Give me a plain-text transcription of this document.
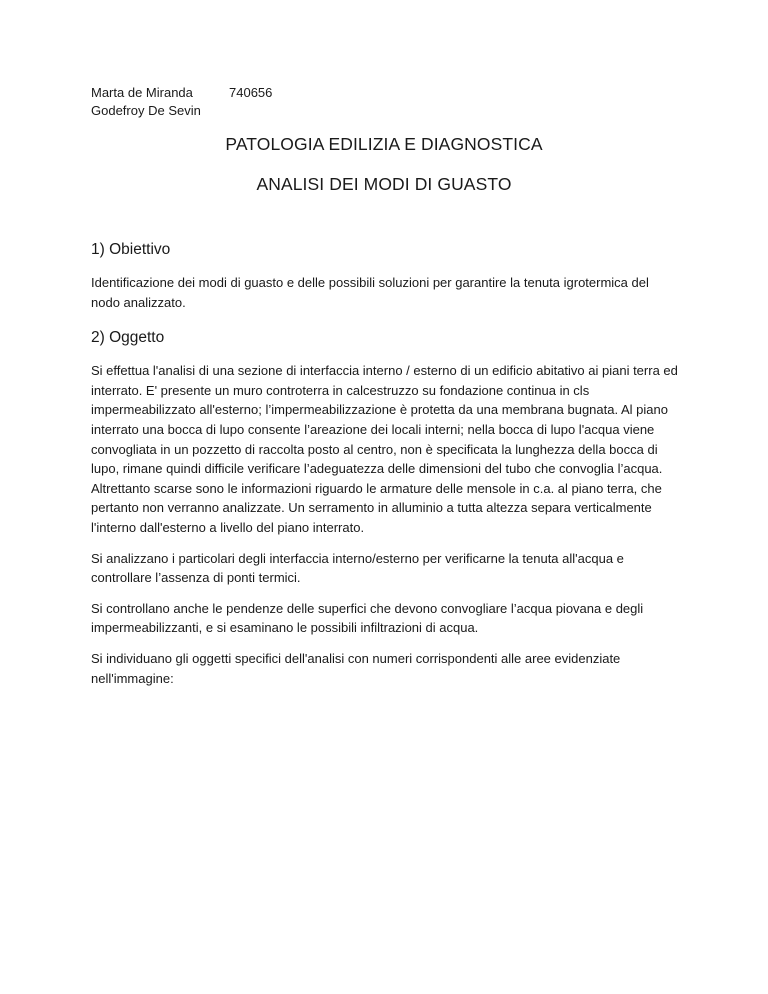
Marta de Miranda
Godefroy De Sevin
740656
PATOLOGIA EDILIZIA E DIAGNOSTICA
ANALISI DEI MODI DI GUASTO
1) Obiettivo

Identificazione dei modi di guasto e delle possibili soluzioni per garantire la tenuta igrotermica del nodo analizzato.

2) Oggetto

Si effettua l'analisi di una sezione di interfaccia interno / esterno di un edificio abitativo ai piani terra ed interrato. E' presente un muro controterra in calcestruzzo su fondazione continua in cls impermeabilizzato all'esterno; l’impermeabilizzazione è protetta da una membrana bugnata. Al piano interrato una bocca di lupo consente l’areazione dei locali interni; nella bocca di lupo l'acqua viene convogliata in un pozzetto di raccolta posto al centro, non è specificata la lunghezza della bocca di lupo, rimane quindi difficile verificare l’adeguatezza delle dimensioni del tubo che convoglia l’acqua. Altrettanto scarse sono le informazioni riguardo le armature delle mensole in c.a. al piano terra, che pertanto non verranno analizzate. Un serramento in alluminio a tutta altezza separa verticalmente l'interno dall'esterno a livello del piano interrato.

Si analizzano i particolari degli interfaccia interno/esterno per verificarne la tenuta all'acqua e controllare l’assenza di ponti termici.

Si controllano anche le pendenze delle superfici che devono convogliare l’acqua piovana e degli impermeabilizzanti, e si esaminano le possibili infiltrazioni di acqua.

Si individuano gli oggetti specifici dell'analisi con numeri corrispondenti alle aree evidenziate nell'immagine:
